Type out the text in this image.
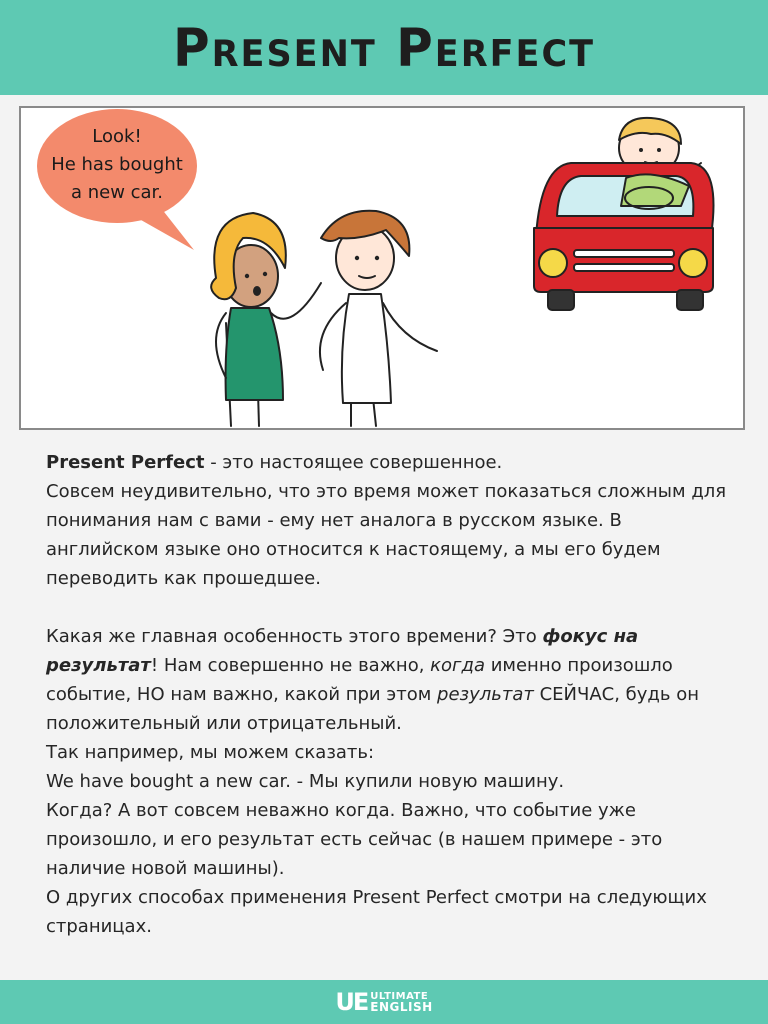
Present Perfect
Look!
He has bought
a new car.

Present Perfect - это настоящее совершенное.

Совсем неудивительно, что это время может показаться сложным для понимания нам с вами - ему нет аналога в русском языке. В английском языке оно относится к настоящему, а мы его будем переводить как прошедшее.

Какая же главная особенность этого времени? Это фокус на результат! Нам совершенно не важно, когда именно произошло событие, НО нам важно, какой при этом результат СЕЙЧАС, будь он положительный или отрицательный.

Так например, мы можем сказать:

We have bought a new car. - Мы купили новую машину.

Когда? А вот совсем неважно когда. Важно, что событие уже произошло, и его результат есть сейчас (в нашем примере - это наличие новой машины).

О других способах применения Present Perfect смотри на следующих страницах.

UE ULTIMATE
ENGLISH
